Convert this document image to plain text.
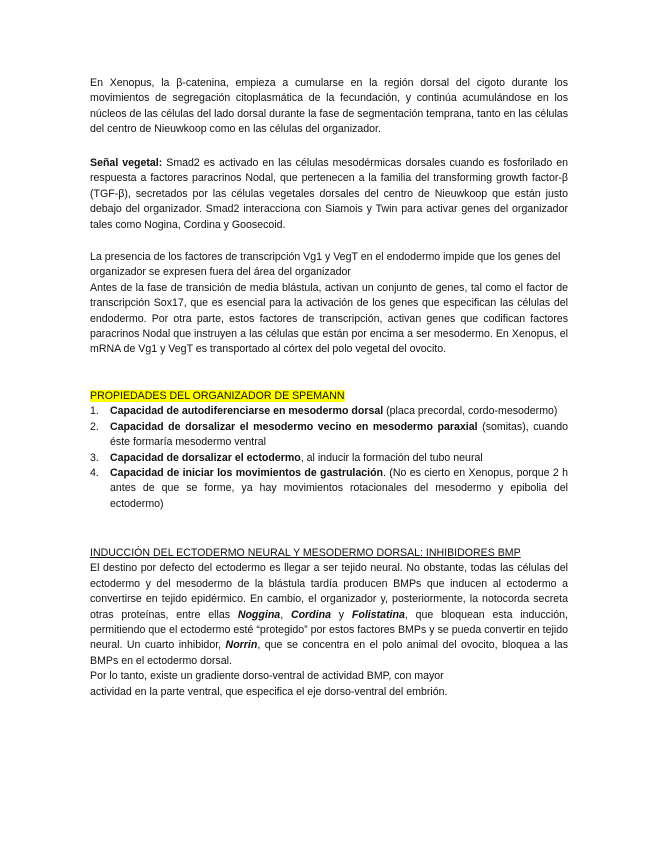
En Xenopus, la β-catenina, empieza a cumularse en la región dorsal del cigoto durante los movimientos de segregación citoplasmática de la fecundación, y continúa acumulándose en los núcleos de las células del lado dorsal durante la fase de segmentación temprana, tanto en las células del centro de Nieuwkoop como en las células del organizador.

Señal vegetal: Smad2 es activado en las células mesodérmicas dorsales cuando es fosforilado en respuesta a factores paracrinos Nodal, que pertenecen a la familia del transforming growth factor-β (TGF-β), secretados por las células vegetales dorsales del centro de Nieuwkoop que están justo debajo del organizador. Smad2 interacciona con Siamois y Twin para activar genes del organizador tales como Nogina, Cordina y Goosecoid.

La presencia de los factores de transcripción Vg1 y VegT en el endodermo impide que los genes del organizador se expresen fuera del área del organizador

Antes de la fase de transición de media blástula, activan un conjunto de genes, tal como el factor de transcripción Sox17, que es esencial para la activación de los genes que especifican las células del endodermo. Por otra parte, estos factores de transcripción, activan genes que codifican factores paracrinos Nodal que instruyen a las células que están por encima a ser mesodermo. En Xenopus, el mRNA de Vg1 y VegT es transportado al córtex del polo vegetal del ovocito.

PROPIEDADES DEL ORGANIZADOR DE SPEMANN

1. Capacidad de autodiferenciarse en mesodermo dorsal (placa precordal, cordo-mesodermo)
2. Capacidad de dorsalizar el mesodermo vecino en mesodermo paraxial (somitas), cuando éste formaría mesodermo ventral
3. Capacidad de dorsalizar el ectodermo, al inducir la formación del tubo neural
4. Capacidad de iniciar los movimientos de gastrulación. (No es cierto en Xenopus, porque 2 h antes de que se forme, ya hay movimientos rotacionales del mesodermo y epibolia del ectodermo)

INDUCCIÓN DEL ECTODERMO NEURAL Y MESODERMO DORSAL: INHIBIDORES BMP

El destino por defecto del ectodermo es llegar a ser tejido neural. No obstante, todas las células del ectodermo y del mesodermo de la blástula tardía producen BMPs que inducen al ectodermo a convertirse en tejido epidérmico. En cambio, el organizador y, posteriormente, la notocorda secreta otras proteínas, entre ellas Noggina, Cordina y Folistatina, que bloquean esta inducción, permitiendo que el ectodermo esté “protegido” por estos factores BMPs y se pueda convertir en tejido neural. Un cuarto inhibidor, Norrin, que se concentra en el polo animal del ovocito, bloquea a las BMPs en el ectodermo dorsal.

Por lo tanto, existe un gradiente dorso-ventral de actividad BMP, con mayor

actividad en la parte ventral, que especifica el eje dorso-ventral del embrión.
